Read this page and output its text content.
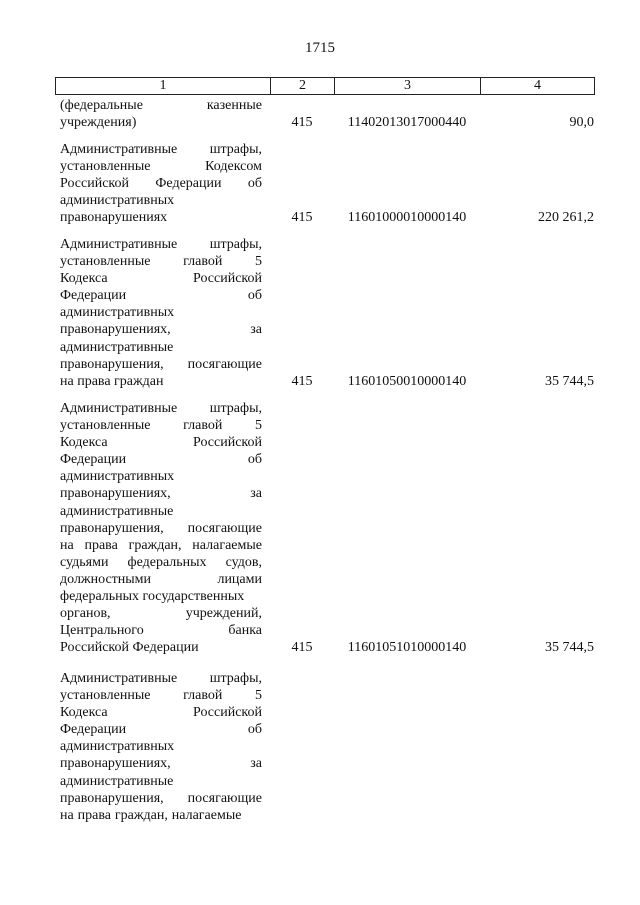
1715
1	2	3	4
(федеральные	казенные
учреждения)	415	11402013017000440	90,0
Административные штрафы,
установленные	Кодексом
Российской Федерации об
административных
правонарушениях	415	11601000010000140	220 261,2
Административные штрафы,
установленные главой 5
Кодекса	Российской
Федерации	об
административных
правонарушениях,	за
административные
правонарушения, посягающие
на права граждан	415	11601050010000140	35 744,5
Административные штрафы,
установленные главой 5
Кодекса	Российской
Федерации	об
административных
правонарушениях,	за
административные
правонарушения, посягающие
на права граждан, налагаемые
судьями федеральных судов,
должностными	лицами
федеральных государственных
органов,	учреждений,
Центрального	банка
Российской Федерации	415	11601051010000140	35 744,5
Административные штрафы,
установленные главой 5
Кодекса	Российской
Федерации	об
административных
правонарушениях,	за
административные
правонарушения, посягающие
на права граждан, налагаемые
